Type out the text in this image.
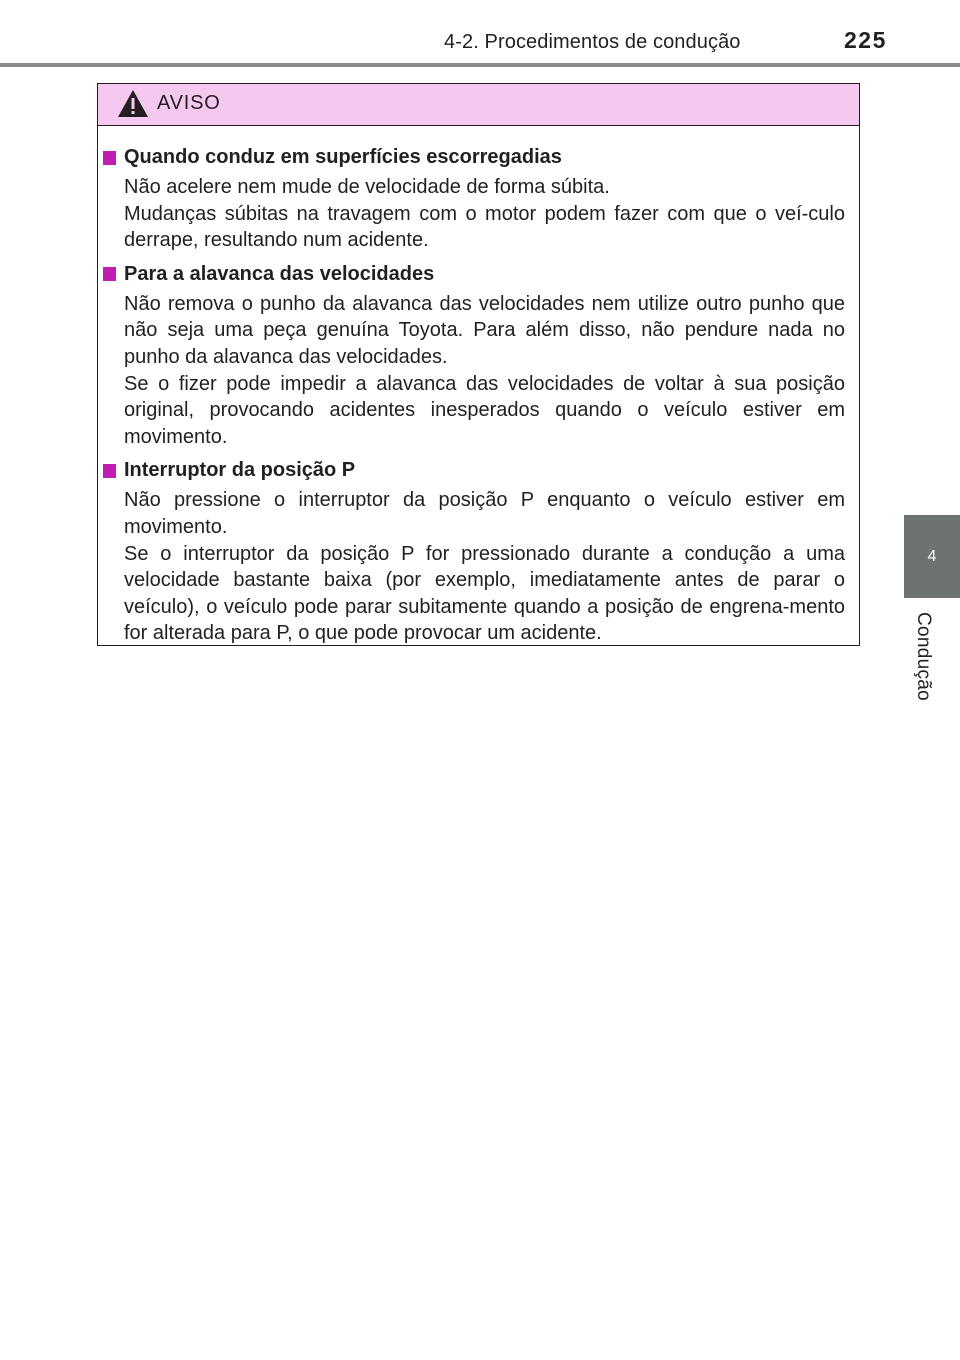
4-2. Procedimentos de condução	225
4
Condução
AVISO
Quando conduz em superfícies escorregadias

Não acelere nem mude de velocidade de forma súbita.

Mudanças súbitas na travagem com o motor podem fazer com que o veí-culo derrape, resultando num acidente.

Para a alavanca das velocidades

Não remova o punho da alavanca das velocidades nem utilize outro punho que não seja uma peça genuína Toyota. Para além disso, não pendure nada no punho da alavanca das velocidades.

Se o fizer pode impedir a alavanca das velocidades de voltar à sua posição original, provocando acidentes inesperados quando o veículo estiver em movimento.

Interruptor da posição P

Não pressione o interruptor da posição P enquanto o veículo estiver em movimento.

Se o interruptor da posição P for pressionado durante a condução a uma velocidade bastante baixa (por exemplo, imediatamente antes de parar o veículo), o veículo pode parar subitamente quando a posição de engrena-mento for alterada para P, o que pode provocar um acidente.
